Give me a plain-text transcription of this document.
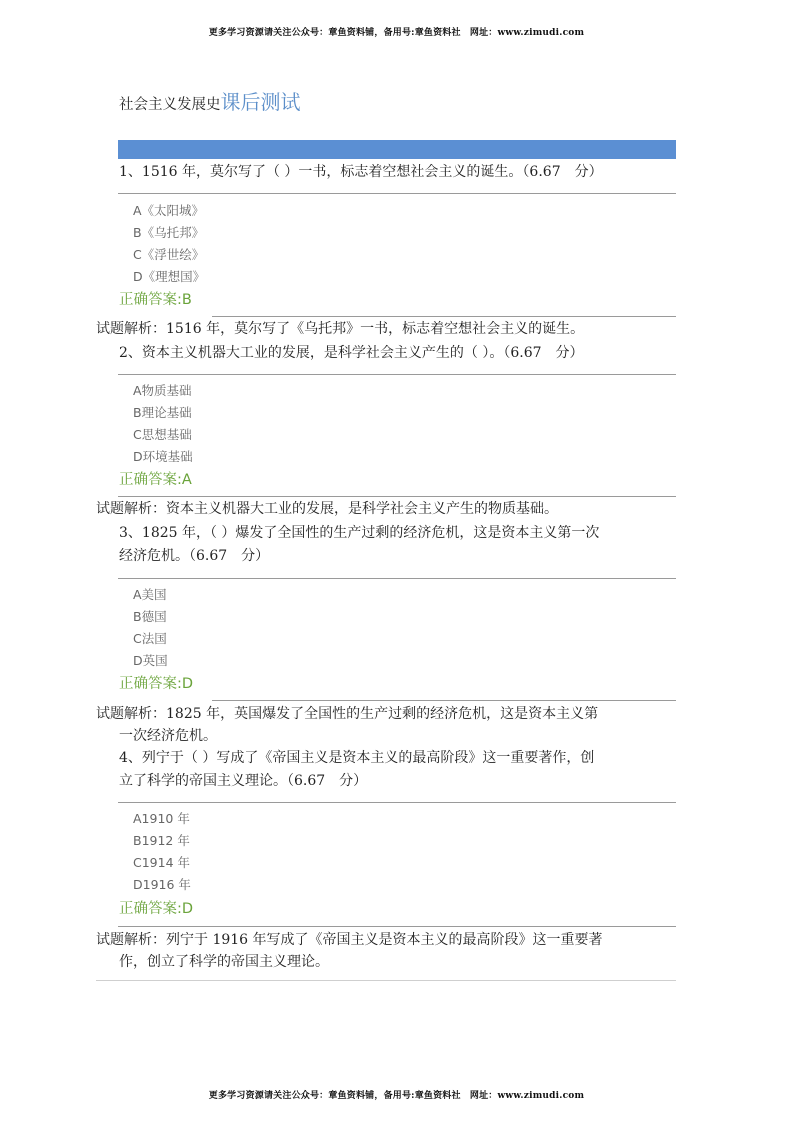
更多学习资源请关注公众号：章鱼资料铺，备用号:章鱼资料社　网址：www.zimudi.com
社会主义发展史课后测试
1、1516 年，莫尔写了（ ）一书，标志着空想社会主义的诞生。（6.67　分）
A《太阳城》
B《乌托邦》
C《浮世绘》
D《理想国》
正确答案:B
试题解析：1516 年，莫尔写了《乌托邦》一书，标志着空想社会主义的诞生。
2、资本主义机器大工业的发展，是科学社会主义产生的（ ）。（6.67　分）
A物质基础
B理论基础
C思想基础
D环境基础
正确答案:A
试题解析：资本主义机器大工业的发展，是科学社会主义产生的物质基础。
3、1825 年，（ ）爆发了全国性的生产过剩的经济危机，这是资本主义第一次
经济危机。（6.67　分）
A美国
B德国
C法国
D英国
正确答案:D
试题解析：1825 年，英国爆发了全国性的生产过剩的经济危机，这是资本主义第
一次经济危机。
4、列宁于（ ）写成了《帝国主义是资本主义的最高阶段》这一重要著作，创
立了科学的帝国主义理论。（6.67　分）
A1910 年
B1912 年
C1914 年
D1916 年
正确答案:D
试题解析：列宁于 1916 年写成了《帝国主义是资本主义的最高阶段》这一重要著
作，创立了科学的帝国主义理论。
更多学习资源请关注公众号：章鱼资料铺，备用号:章鱼资料社　网址：www.zimudi.com
